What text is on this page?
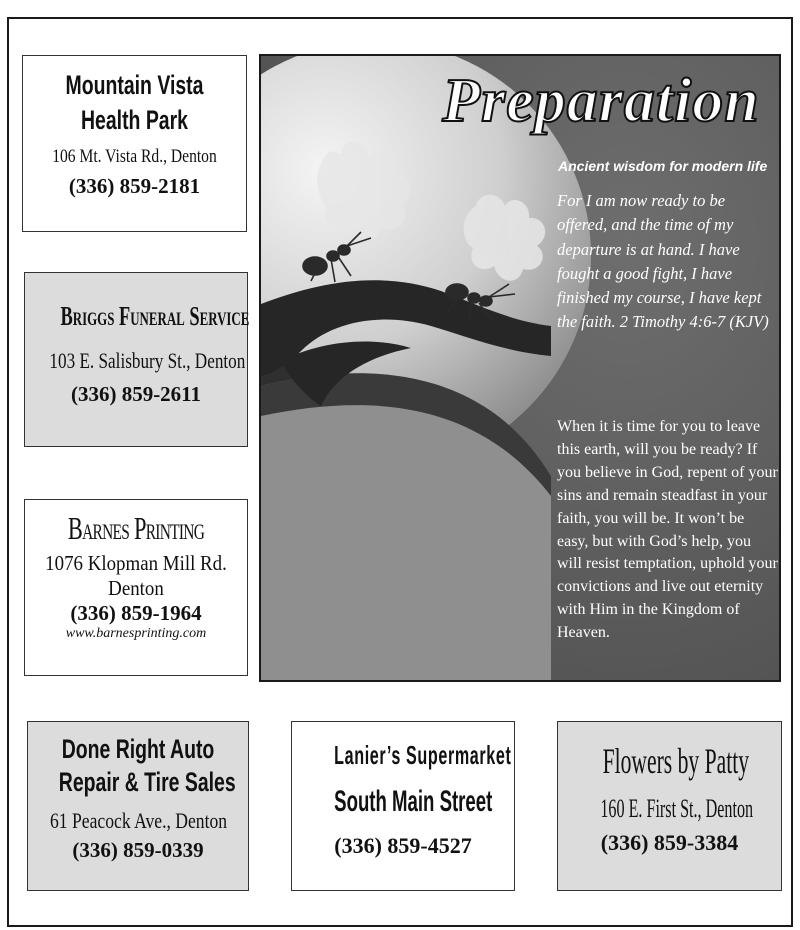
Mountain Vista
Health Park
106 Mt. Vista Rd., Denton
(336) 859-2181
Briggs Funeral Service
103 E. Salisbury St., Denton
(336) 859-2611
Barnes Printing
1076 Klopman Mill Rd.
Denton
(336) 859-1964
www.barnesprinting.com
Preparation
Ancient wisdom for modern life
For I am now ready to be offered, and the time of my departure is at hand. I have fought a good fight, I have finished my course, I have kept the faith. 2 Timothy 4:6-7 (KJV)
When it is time for you to leave this earth, will you be ready? If you believe in God, repent of your sins and remain steadfast in your faith, you will be. It won’t be easy, but with God’s help, you will resist temptation, uphold your convictions and live out eternity with Him in the Kingdom of Heaven.
Done Right Auto
Repair & Tire Sales
61 Peacock Ave., Denton
(336) 859-0339
Lanier’s Supermarket
South Main Street
(336) 859-4527
Flowers by Patty
160 E. First St., Denton
(336) 859-3384
